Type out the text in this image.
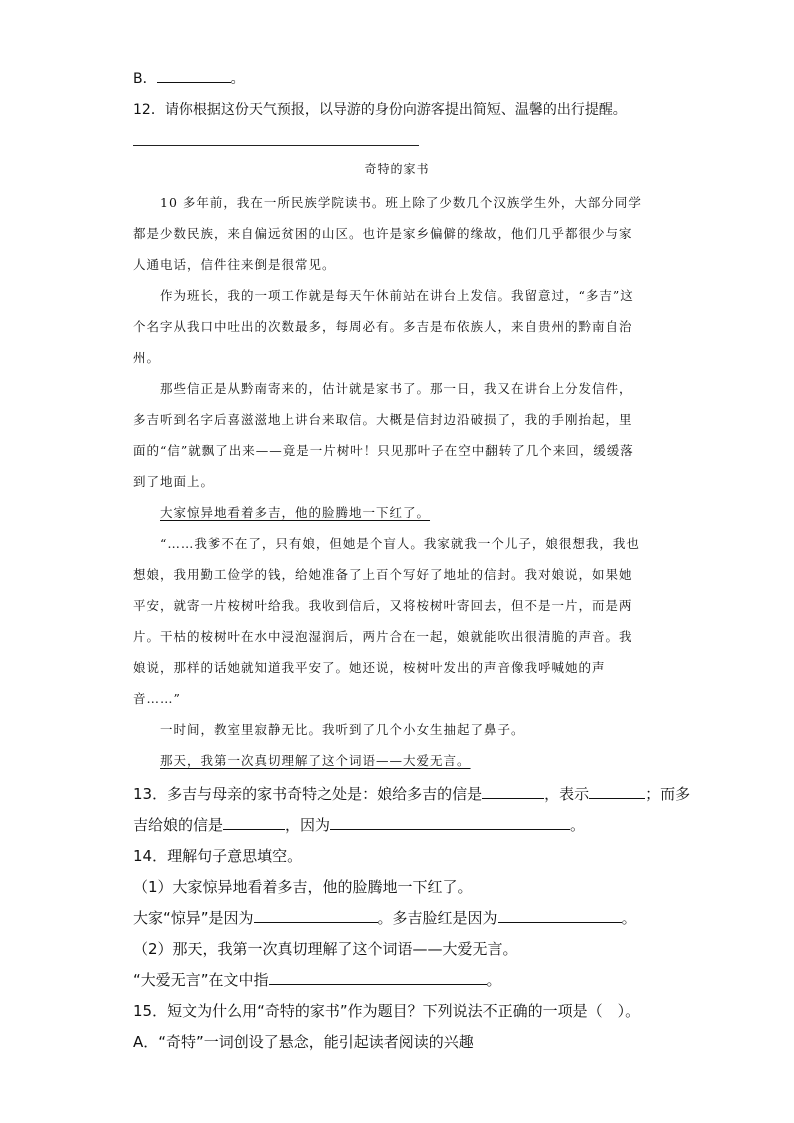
B．	。
12．请你根据这份天气预报，以导游的身份向游客提出简短、温馨的出行提醒。
奇特的家书
10 多年前，我在一所民族学院读书。班上除了少数几个汉族学生外，大部分同学
都是少数民族，来自偏远贫困的山区。也许是家乡偏僻的缘故，他们几乎都很少与家
人通电话，信件往来倒是很常见。
作为班长，我的一项工作就是每天午休前站在讲台上发信。我留意过，“多吉”这
个名字从我口中吐出的次数最多，每周必有。多吉是布依族人，来自贵州的黔南自治
州。
那些信正是从黔南寄来的，估计就是家书了。那一日，我又在讲台上分发信件，
多吉听到名字后喜滋滋地上讲台来取信。大概是信封边沿破损了，我的手刚抬起，里
面的“信”就飘了出来——竟是一片树叶！只见那叶子在空中翻转了几个来回，缓缓落
到了地面上。
大家惊异地看着多吉，他的脸腾地一下红了。
“……我爹不在了，只有娘，但她是个盲人。我家就我一个儿子，娘很想我，我也
想娘，我用勤工俭学的钱，给她准备了上百个写好了地址的信封。我对娘说，如果她
平安，就寄一片桉树叶给我。我收到信后，又将桉树叶寄回去，但不是一片，而是两
片。干枯的桉树叶在水中浸泡湿润后，两片合在一起，娘就能吹出很清脆的声音。我
娘说，那样的话她就知道我平安了。她还说，桉树叶发出的声音像我呼喊她的声
音……”
一时间，教室里寂静无比。我听到了几个小女生抽起了鼻子。
那天，我第一次真切理解了这个词语——大爱无言。
13．多吉与母亲的家书奇特之处是：娘给多吉的信是	，表示	；而多
吉给娘的信是	，因为	。
14．理解句子意思填空。
（1）大家惊异地看着多吉，他的脸腾地一下红了。
大家“惊异”是因为	。多吉脸红是因为	。
（2）那天，我第一次真切理解了这个词语——大爱无言。
“大爱无言”在文中指	。
15．短文为什么用“奇特的家书”作为题目？下列说法不正确的一项是（　）。
A．“奇特”一词创设了悬念，能引起读者阅读的兴趣
